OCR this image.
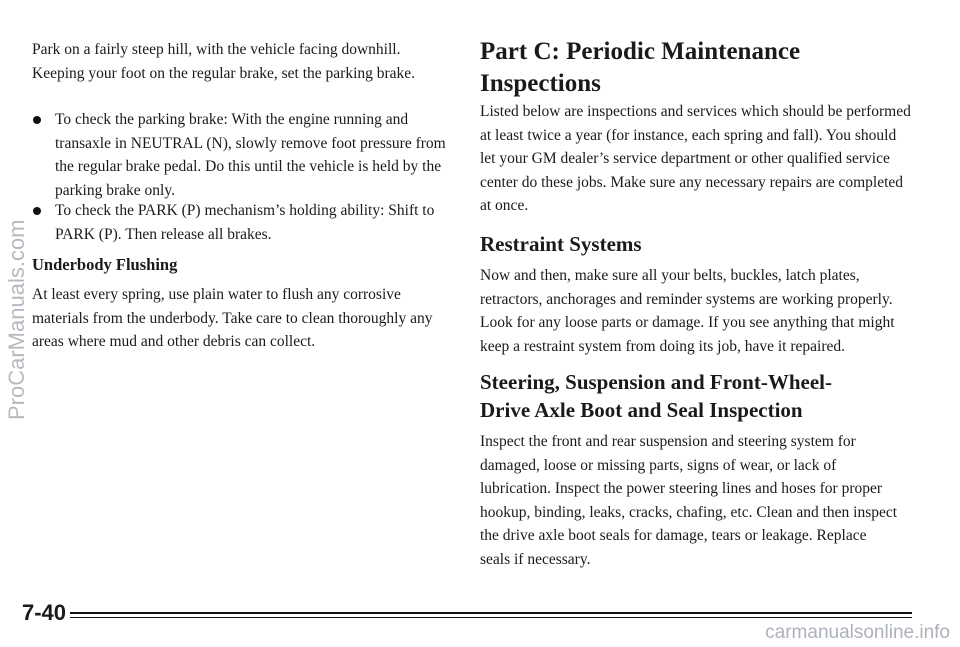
Park on a fairly steep hill, with the vehicle facing downhill. Keeping your foot on the regular brake, set the parking brake.

To check the parking brake: With the engine running and transaxle in NEUTRAL (N), slowly remove foot pressure from the regular brake pedal. Do this until the vehicle is held by the parking brake only.
To check the PARK (P) mechanism’s holding ability: Shift to PARK (P). Then release all brakes.
Underbody Flushing

At least every spring, use plain water to flush any corrosive materials from the underbody. Take care to clean thoroughly any areas where mud and other debris can collect.

Part C: Periodic Maintenance Inspections

Listed below are inspections and services which should be performed at least twice a year (for instance, each spring and fall). You should let your GM dealer’s service department or other qualified service center do these jobs. Make sure any necessary repairs are completed at once.

Restraint Systems

Now and then, make sure all your belts, buckles, latch plates, retractors, anchorages and reminder systems are working properly. Look for any loose parts or damage. If you see anything that might keep a restraint system from doing its job, have it repaired.

Steering, Suspension and Front-Wheel-Drive Axle Boot and Seal Inspection

Inspect the front and rear suspension and steering system for damaged, loose or missing parts, signs of wear, or lack of lubrication. Inspect the power steering lines and hoses for proper hookup, binding, leaks, cracks, chafing, etc. Clean and then inspect the drive axle boot seals for damage, tears or leakage. Replace seals if necessary.

7-40
ProCarManuals.com
carmanualsonline.info
